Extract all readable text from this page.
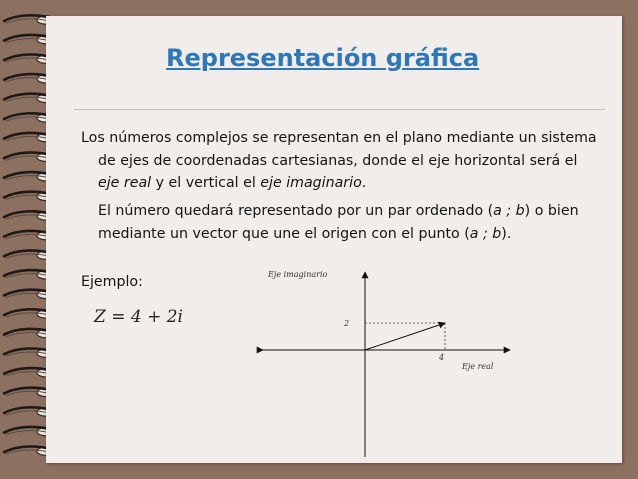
Representación gráfica
Los números complejos se representan en el plano mediante un sistema
de ejes de coordenadas cartesianas, donde el eje horizontal será el
eje real y el vertical el eje imaginario.
El número quedará representado por un par ordenado (a ; b) o bien
mediante un vector que une el origen con el punto (a ; b).
Ejemplo:
Z = 4 + 2i
Eje imaginario
2
4
Eje real
